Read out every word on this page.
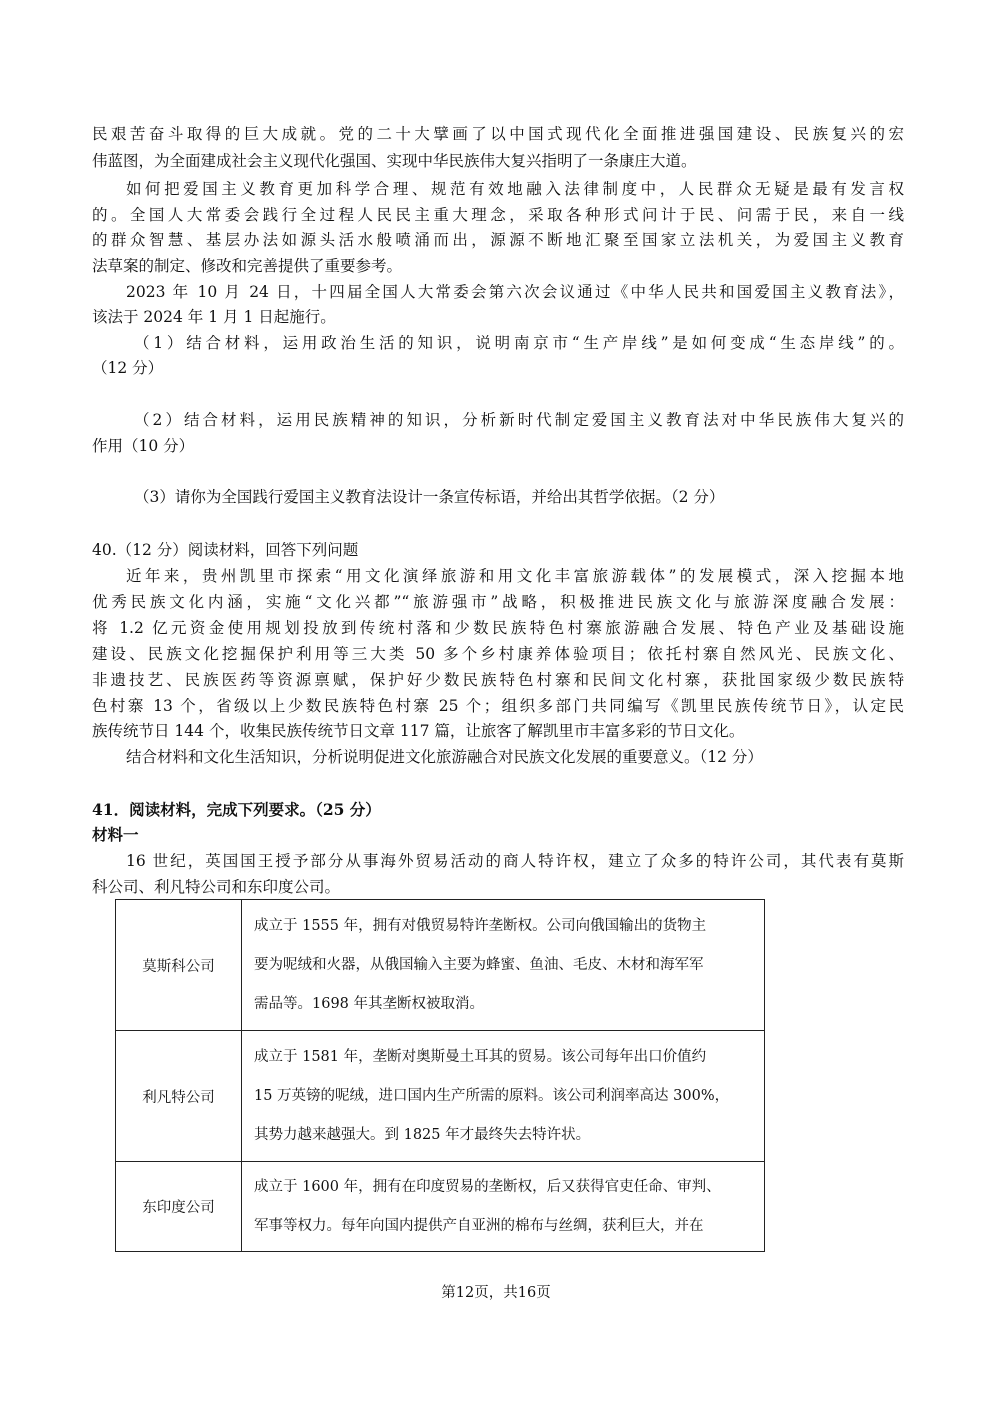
民艰苦奋斗取得的巨大成就。党的二十大擘画了以中国式现代化全面推进强国建设、民族复兴的宏
伟蓝图，为全面建成社会主义现代化强国、实现中华民族伟大复兴指明了一条康庄大道。
如何把爱国主义教育更加科学合理、规范有效地融入法律制度中，人民群众无疑是最有发言权
的。全国人大常委会践行全过程人民民主重大理念，采取各种形式问计于民、问需于民，来自一线
的群众智慧、基层办法如源头活水般喷涌而出，源源不断地汇聚至国家立法机关，为爱国主义教育
法草案的制定、修改和完善提供了重要参考。
2023 年 10 月 24 日，十四届全国人大常委会第六次会议通过《中华人民共和国爱国主义教育法》，
该法于 2024 年 1 月 1 日起施行。
（1）结合材料，运用政治生活的知识，说明南京市“生产岸线”是如何变成“生态岸线”的。
（12 分）
（2）结合材料，运用民族精神的知识，分析新时代制定爱国主义教育法对中华民族伟大复兴的
作用（10 分）
（3）请你为全国践行爱国主义教育法设计一条宣传标语，并给出其哲学依据。（2 分）
40.（12 分）阅读材料，回答下列问题
近年来，贵州凯里市探索“用文化演绎旅游和用文化丰富旅游载体”的发展模式，深入挖掘本地
优秀民族文化内涵，实施“文化兴都”“旅游强市”战略，积极推进民族文化与旅游深度融合发展：
将 1.2 亿元资金使用规划投放到传统村落和少数民族特色村寨旅游融合发展、特色产业及基础设施
建设、民族文化挖掘保护利用等三大类 50 多个乡村康养体验项目；依托村寨自然风光、民族文化、
非遗技艺、民族医药等资源禀赋，保护好少数民族特色村寨和民间文化村寨，获批国家级少数民族特
色村寨 13 个，省级以上少数民族特色村寨 25 个；组织多部门共同编写《凯里民族传统节日》，认定民
族传统节日 144 个，收集民族传统节日文章 117 篇，让旅客了解凯里市丰富多彩的节日文化。
结合材料和文化生活知识，分析说明促进文化旅游融合对民族文化发展的重要意义。（12 分）
41．阅读材料，完成下列要求。（25 分）
材料一
16 世纪，英国国王授予部分从事海外贸易活动的商人特许权，建立了众多的特许公司，其代表有莫斯
科公司、利凡特公司和东印度公司。
莫斯科公司	成立于 1555 年，拥有对俄贸易特许垄断权。公司向俄国输出的货物主
要为呢绒和火器，从俄国输入主要为蜂蜜、鱼油、毛皮、木材和海军军
需品等。1698 年其垄断权被取消。

利凡特公司	成立于 1581 年，垄断对奥斯曼土耳其的贸易。该公司每年出口价值约
15 万英镑的呢绒，进口国内生产所需的原料。该公司利润率高达 300%，
其势力越来越强大。到 1825 年才最终失去特许状。

东印度公司	成立于 1600 年，拥有在印度贸易的垄断权，后又获得官吏任命、审判、
军事等权力。每年向国内提供产自亚洲的棉布与丝绸，获利巨大，并在
第12页，共16页
